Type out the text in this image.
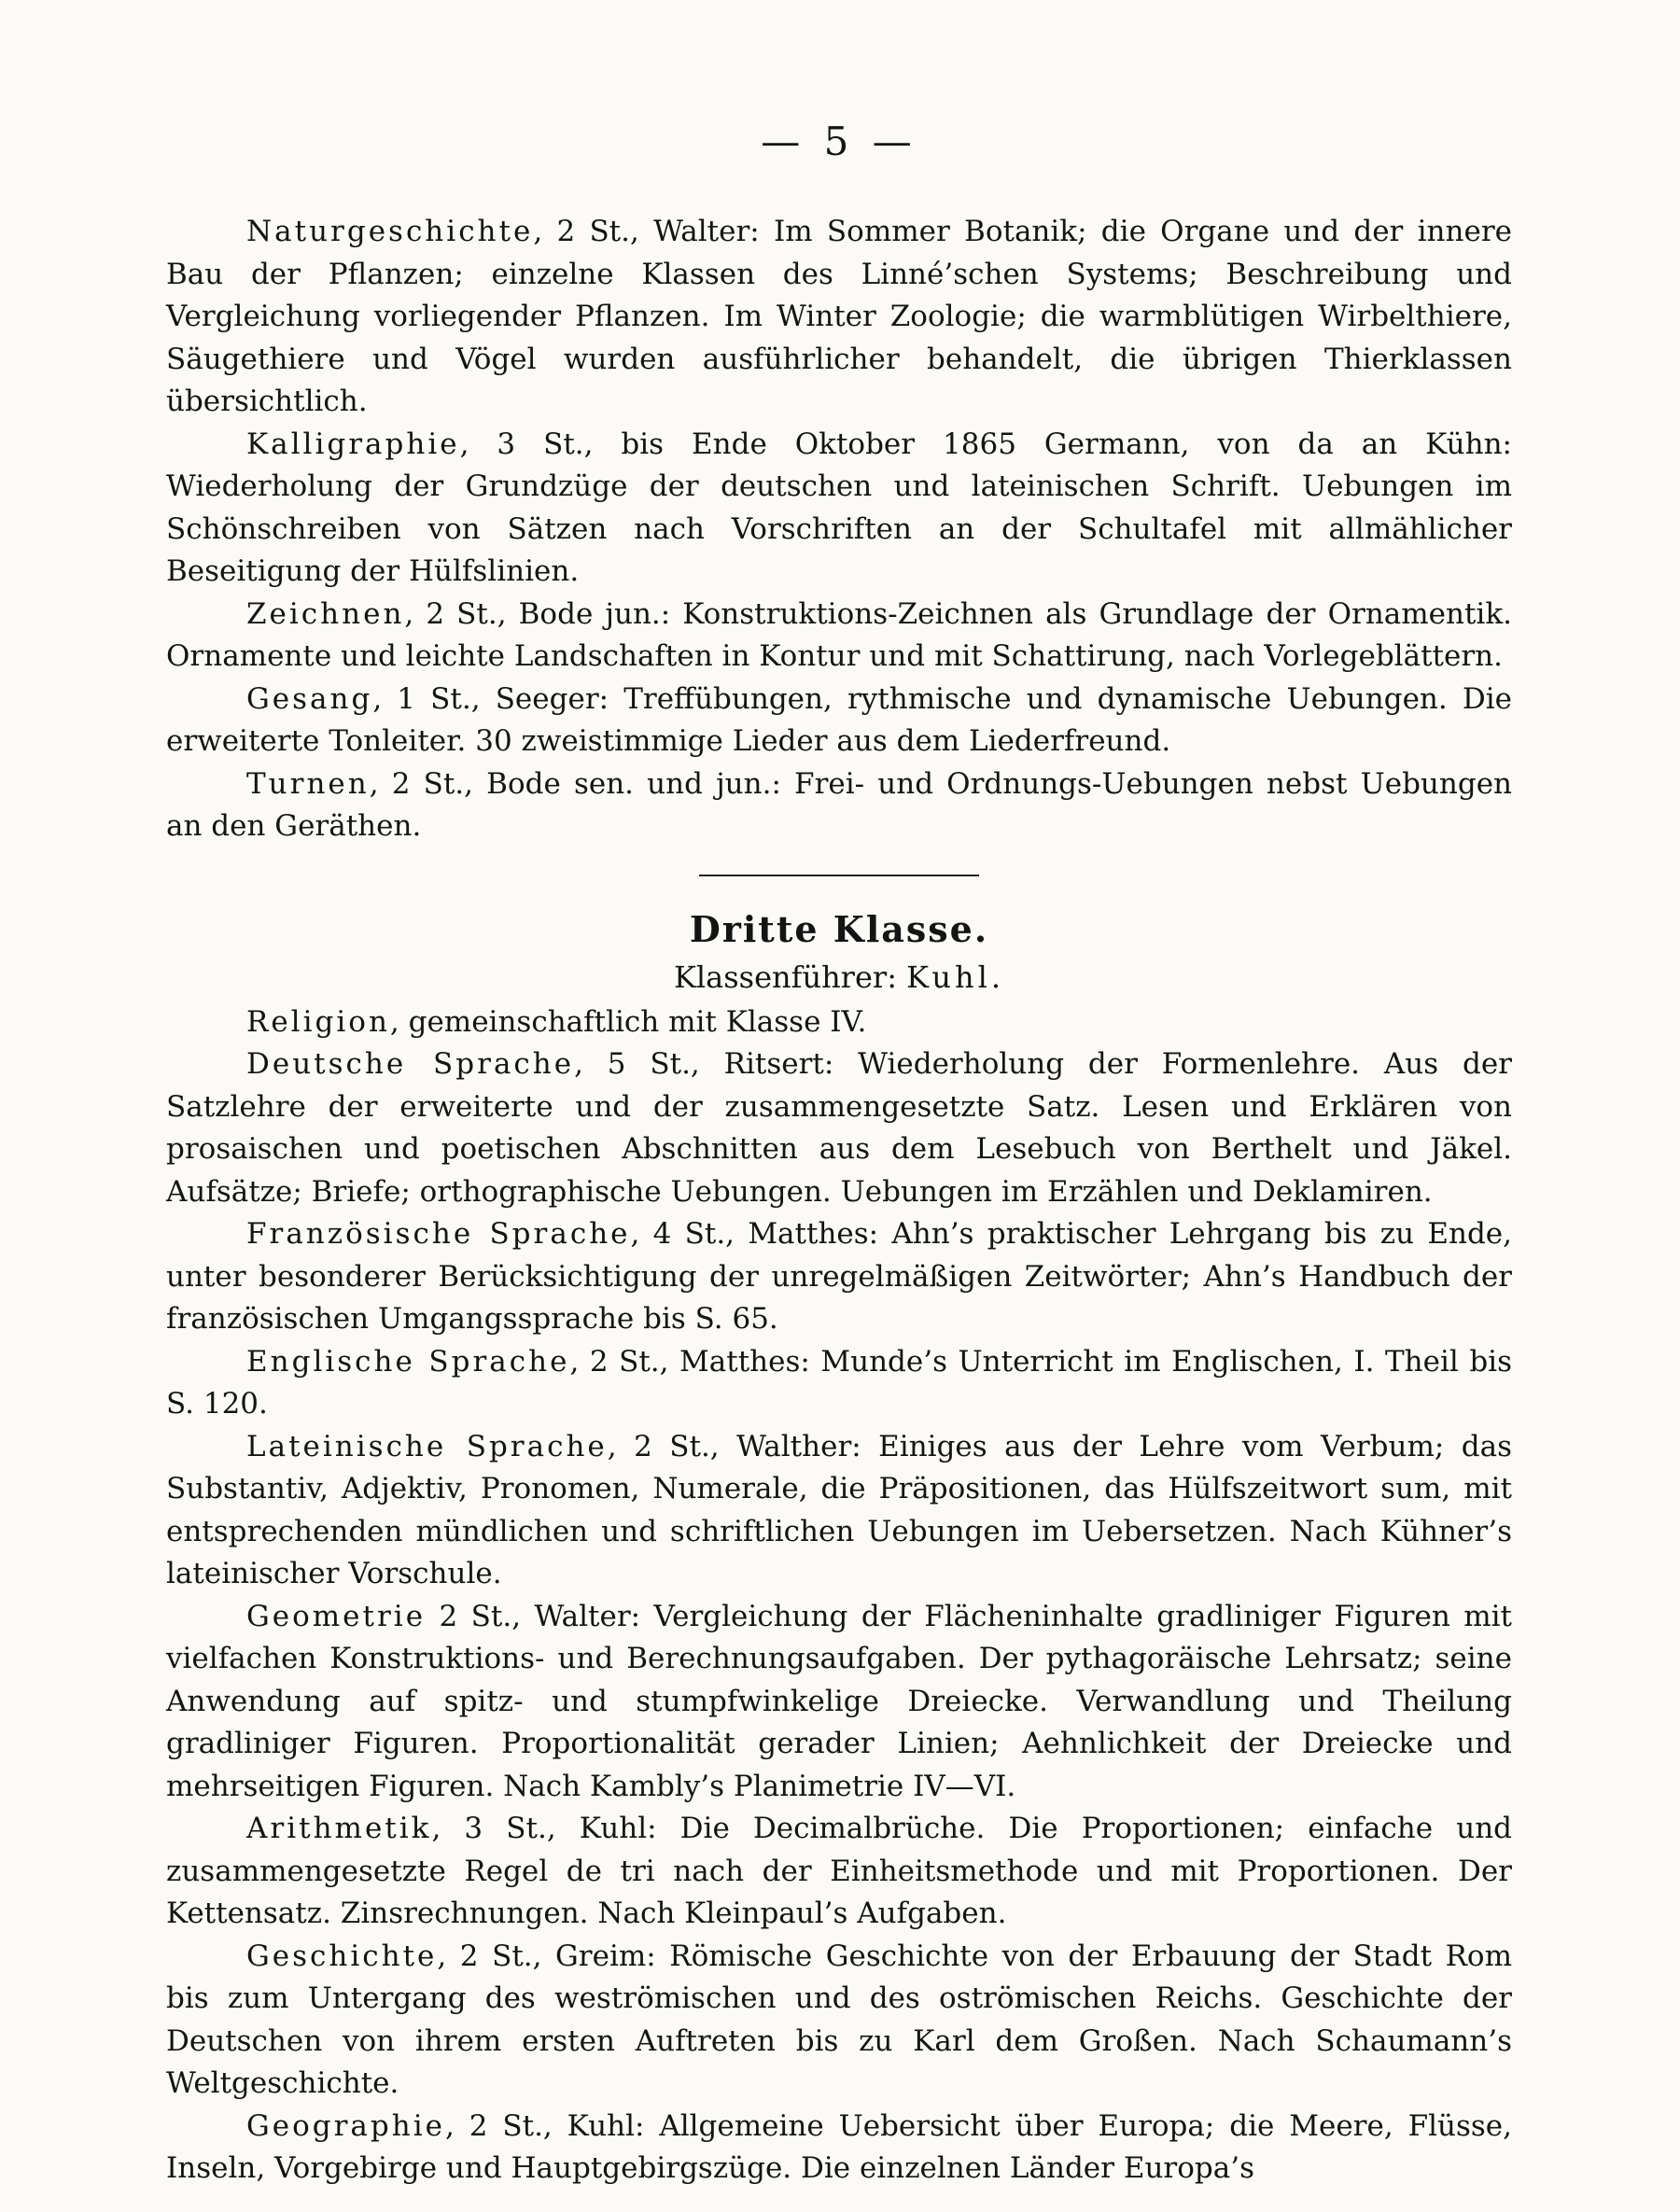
— 5 —

Naturgeschichte, 2 St., Walter: Im Sommer Botanik; die Organe und der innere Bau der Pflanzen; einzelne Klassen des Linné’schen Systems; Beschreibung und Vergleichung vorliegender Pflanzen. Im Winter Zoologie; die warmblütigen Wirbelthiere, Säugethiere und Vögel wurden ausführlicher behandelt, die übrigen Thierklassen übersichtlich.

Kalligraphie, 3 St., bis Ende Oktober 1865 Germann, von da an Kühn: Wiederholung der Grundzüge der deutschen und lateinischen Schrift. Uebungen im Schönschreiben von Sätzen nach Vorschriften an der Schultafel mit allmählicher Beseitigung der Hülfslinien.

Zeichnen, 2 St., Bode jun.: Konstruktions-Zeichnen als Grundlage der Ornamentik. Ornamente und leichte Landschaften in Kontur und mit Schattirung, nach Vorlegeblättern.

Gesang, 1 St., Seeger: Treffübungen, rythmische und dynamische Uebungen. Die erweiterte Tonleiter. 30 zweistimmige Lieder aus dem Liederfreund.

Turnen, 2 St., Bode sen. und jun.: Frei- und Ordnungs-Uebungen nebst Uebungen an den Geräthen.

Dritte Klasse.
Klassenführer: Kuhl.

Religion, gemeinschaftlich mit Klasse IV.

Deutsche Sprache, 5 St., Ritsert: Wiederholung der Formenlehre. Aus der Satzlehre der erweiterte und der zusammengesetzte Satz. Lesen und Erklären von prosaischen und poetischen Abschnitten aus dem Lesebuch von Berthelt und Jäkel. Aufsätze; Briefe; orthographische Uebungen. Uebungen im Erzählen und Deklamiren.

Französische Sprache, 4 St., Matthes: Ahn’s praktischer Lehrgang bis zu Ende, unter besonderer Berücksichtigung der unregelmäßigen Zeitwörter; Ahn’s Handbuch der französischen Umgangssprache bis S. 65.

Englische Sprache, 2 St., Matthes: Munde’s Unterricht im Englischen, I. Theil bis S. 120.

Lateinische Sprache, 2 St., Walther: Einiges aus der Lehre vom Verbum; das Substantiv, Adjektiv, Pronomen, Numerale, die Präpositionen, das Hülfszeitwort sum, mit entsprechenden mündlichen und schriftlichen Uebungen im Uebersetzen. Nach Kühner’s lateinischer Vorschule.

Geometrie 2 St., Walter: Vergleichung der Flächeninhalte gradliniger Figuren mit vielfachen Konstruktions- und Berechnungsaufgaben. Der pythagoräische Lehrsatz; seine Anwendung auf spitz- und stumpfwinkelige Dreiecke. Verwandlung und Theilung gradliniger Figuren. Proportionalität gerader Linien; Aehnlichkeit der Dreiecke und mehrseitigen Figuren. Nach Kambly’s Planimetrie IV—VI.

Arithmetik, 3 St., Kuhl: Die Decimalbrüche. Die Proportionen; einfache und zusammengesetzte Regel de tri nach der Einheitsmethode und mit Proportionen. Der Kettensatz. Zinsrechnungen. Nach Kleinpaul’s Aufgaben.

Geschichte, 2 St., Greim: Römische Geschichte von der Erbauung der Stadt Rom bis zum Untergang des weströmischen und des oströmischen Reichs. Geschichte der Deutschen von ihrem ersten Auftreten bis zu Karl dem Großen. Nach Schaumann’s Weltgeschichte.

Geographie, 2 St., Kuhl: Allgemeine Uebersicht über Europa; die Meere, Flüsse, Inseln, Vorgebirge und Hauptgebirgszüge. Die einzelnen Länder Europa’s
